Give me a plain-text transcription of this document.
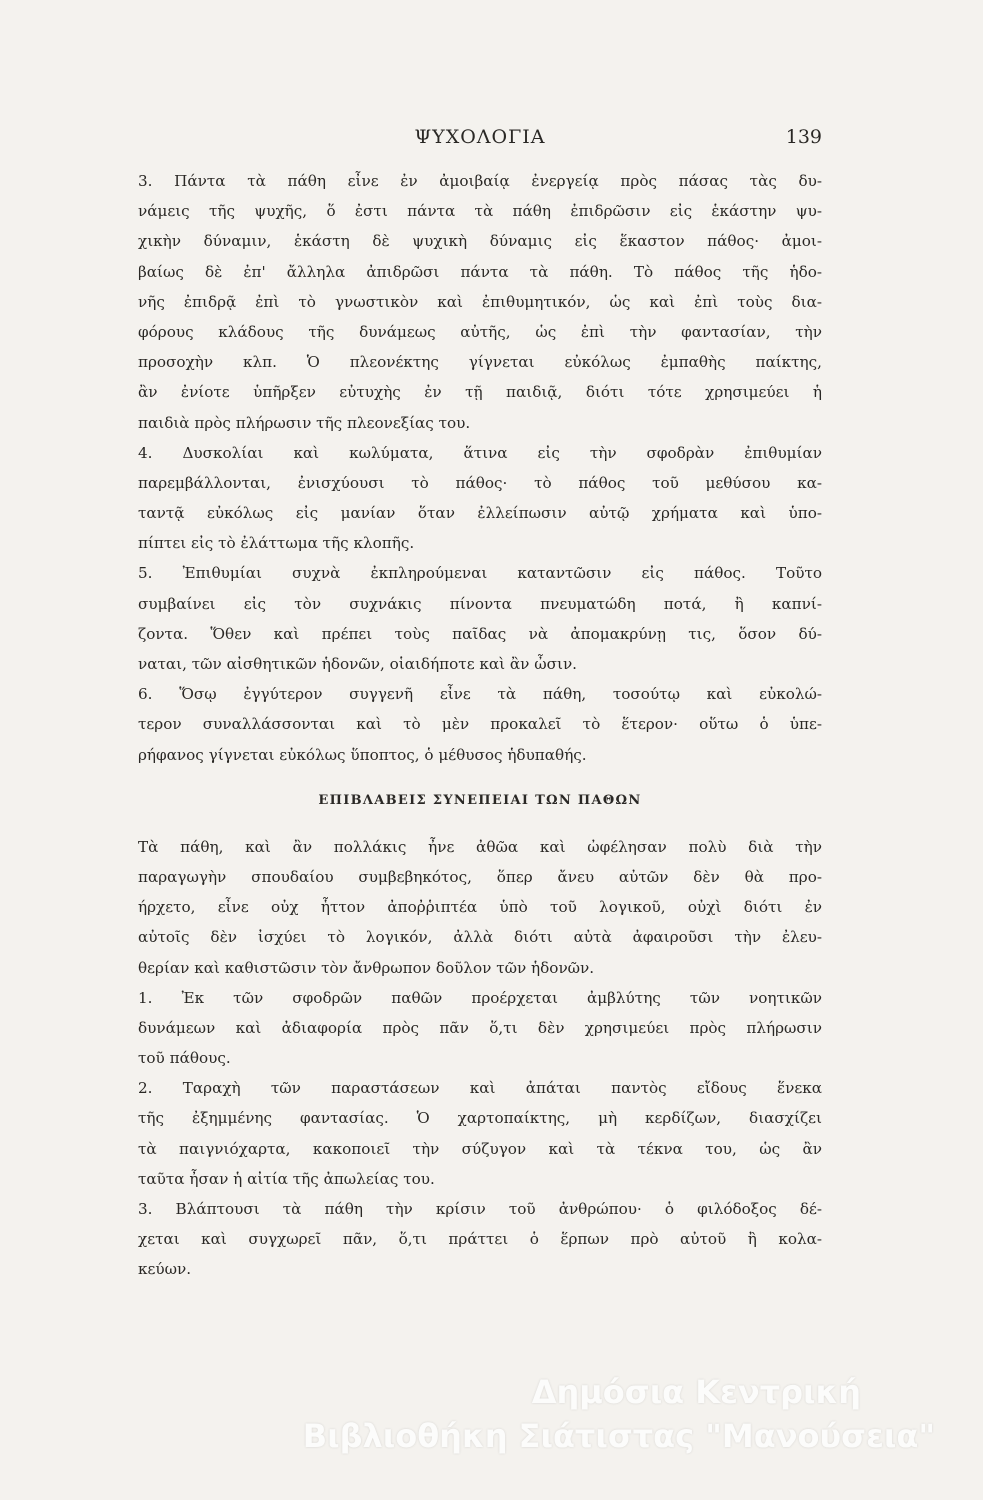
ΨΥΧΟΛΟΓΙΑ	139
3. Πάντα τὰ πάθη εἶνε ἐν ἀμοιβαίᾳ ἐνεργείᾳ πρὸς πάσας τὰς δυ-
νάμεις τῆς ψυχῆς, ὅ ἐστι πάντα τὰ πάθη ἐπιδρῶσιν εἰς ἑκάστην ψυ-
χικὴν δύναμιν, ἑκάστη δὲ ψυχικὴ δύναμις εἰς ἕκαστον πάθος· ἀμοι-
βαίως δὲ ἐπ' ἄλληλα ἀπιδρῶσι πάντα τὰ πάθη. Τὸ πάθος τῆς ἡδο-
νῆς ἐπιδρᾷ ἐπὶ τὸ γνωστικὸν καὶ ἐπιθυμητικόν, ὡς καὶ ἐπὶ τοὺς δια-
φόρους κλάδους τῆς δυνάμεως αὐτῆς, ὡς ἐπὶ τὴν φαντασίαν, τὴν
προσοχὴν κλπ. Ὁ πλεονέκτης γίγνεται εὐκόλως ἐμπαθὴς παίκτης,
ἂν ἐνίοτε ὑπῆρξεν εὐτυχὴς ἐν τῇ παιδιᾷ, διότι τότε χρησιμεύει ἡ
παιδιὰ πρὸς πλήρωσιν τῆς πλεονεξίας του.
4. Δυσκολίαι καὶ κωλύματα, ἅτινα εἰς τὴν σφοδρὰν ἐπιθυμίαν
παρεμβάλλονται, ἐνισχύουσι τὸ πάθος· τὸ πάθος τοῦ μεθύσου κα-
ταντᾷ εὐκόλως εἰς μανίαν ὅταν ἐλλείπωσιν αὐτῷ χρήματα καὶ ὑπο-
πίπτει εἰς τὸ ἐλάττωμα τῆς κλοπῆς.
5. Ἐπιθυμίαι συχνὰ ἐκπληρούμεναι καταντῶσιν εἰς πάθος. Τοῦτο
συμβαίνει εἰς τὸν συχνάκις πίνοντα πνευματώδη ποτά, ἢ καπνί-
ζοντα. Ὅθεν καὶ πρέπει τοὺς παῖδας νὰ ἀπομακρύνῃ τις, ὅσον δύ-
ναται, τῶν αἰσθητικῶν ἡδονῶν, οἱαιδήποτε καὶ ἂν ὦσιν.
6. Ὅσῳ ἐγγύτερον συγγενῆ εἶνε τὰ πάθη, τοσούτῳ καὶ εὐκολώ-
τερον συναλλάσσονται καὶ τὸ μὲν προκαλεῖ τὸ ἕτερον· οὕτω ὁ ὑπε-
ρήφανος γίγνεται εὐκόλως ὕποπτος, ὁ μέθυσος ἡδυπαθής.
ΕΠΙΒΛΑΒΕΙΣ ΣΥΝΕΠΕΙΑΙ ΤΩΝ ΠΑΘΩΝ
Τὰ πάθη, καὶ ἂν πολλάκις ἦνε ἀθῶα καὶ ὠφέλησαν πολὺ διὰ τὴν
παραγωγὴν σπουδαίου συμβεβηκότος, ὅπερ ἄνευ αὐτῶν δὲν θὰ προ-
ήρχετο, εἶνε οὐχ ἧττον ἀποῤῥιπτέα ὑπὸ τοῦ λογικοῦ, οὐχὶ διότι ἐν
αὐτοῖς δὲν ἰσχύει τὸ λογικόν, ἀλλὰ διότι αὐτὰ ἀφαιροῦσι τὴν ἐλευ-
θερίαν καὶ καθιστῶσιν τὸν ἄνθρωπον δοῦλον τῶν ἡδονῶν.
1. Ἐκ τῶν σφοδρῶν παθῶν προέρχεται ἀμβλύτης τῶν νοητικῶν
δυνάμεων καὶ ἀδιαφορία πρὸς πᾶν ὅ,τι δὲν χρησιμεύει πρὸς πλήρωσιν
τοῦ πάθους.
2. Ταραχὴ τῶν παραστάσεων καὶ ἀπάται παντὸς εἴδους ἕνεκα
τῆς ἐξημμένης φαντασίας. Ὁ χαρτοπαίκτης, μὴ κερδίζων, διασχίζει
τὰ παιγνιόχαρτα, κακοποιεῖ τὴν σύζυγον καὶ τὰ τέκνα του, ὡς ἂν
ταῦτα ἦσαν ἡ αἰτία τῆς ἀπωλείας του.
3. Βλάπτουσι τὰ πάθη τὴν κρίσιν τοῦ ἀνθρώπου· ὁ φιλόδοξος δέ-
χεται καὶ συγχωρεῖ πᾶν, ὅ,τι πράττει ὁ ἕρπων πρὸ αὐτοῦ ἢ κολα-
κεύων.
Δημόσια Κεντρική
Βιβλιοθήκη Σιάτιστας "Μανούσεια"
